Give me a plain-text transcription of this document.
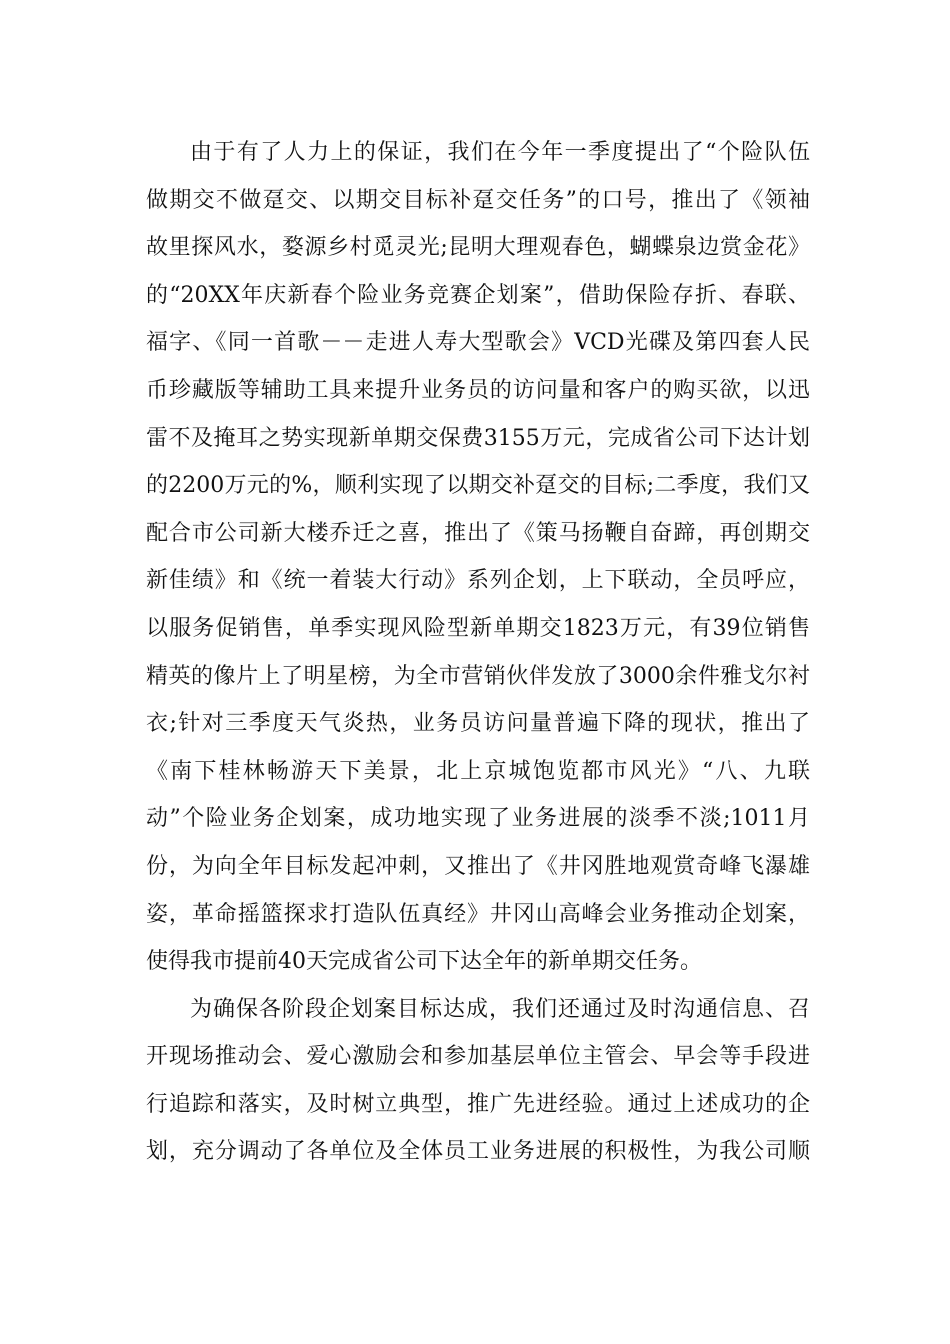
由于有了人力上的保证，我们在今年一季度提出了“个险队伍
做期交不做趸交、以期交目标补趸交任务”的口号，推出了《领袖
故里探风水，婺源乡村觅灵光;昆明大理观春色，蝴蝶泉边赏金花》
的“20XX年庆新春个险业务竞赛企划案”，借助保险存折、春联、
福字、《同一首歌－－走进人寿大型歌会》VCD光碟及第四套人民
币珍藏版等辅助工具来提升业务员的访问量和客户的购买欲，以迅
雷不及掩耳之势实现新单期交保费3155万元，完成省公司下达计划
的2200万元的%，顺利实现了以期交补趸交的目标;二季度，我们又
配合市公司新大楼乔迁之喜，推出了《策马扬鞭自奋蹄，再创期交
新佳绩》和《统一着装大行动》系列企划，上下联动，全员呼应，
以服务促销售，单季实现风险型新单期交1823万元，有39位销售
精英的像片上了明星榜，为全市营销伙伴发放了3000余件雅戈尔衬
衣;针对三季度天气炎热，业务员访问量普遍下降的现状，推出了
《南下桂林畅游天下美景，北上京城饱览都市风光》“八、九联
动”个险业务企划案，成功地实现了业务进展的淡季不淡;1011月
份，为向全年目标发起冲刺，又推出了《井冈胜地观赏奇峰飞瀑雄
姿，革命摇篮探求打造队伍真经》井冈山高峰会业务推动企划案，
使得我市提前40天完成省公司下达全年的新单期交任务。
为确保各阶段企划案目标达成，我们还通过及时沟通信息、召
开现场推动会、爱心激励会和参加基层单位主管会、早会等手段进
行追踪和落实，及时树立典型，推广先进经验。通过上述成功的企
划，充分调动了各单位及全体员工业务进展的积极性，为我公司顺
